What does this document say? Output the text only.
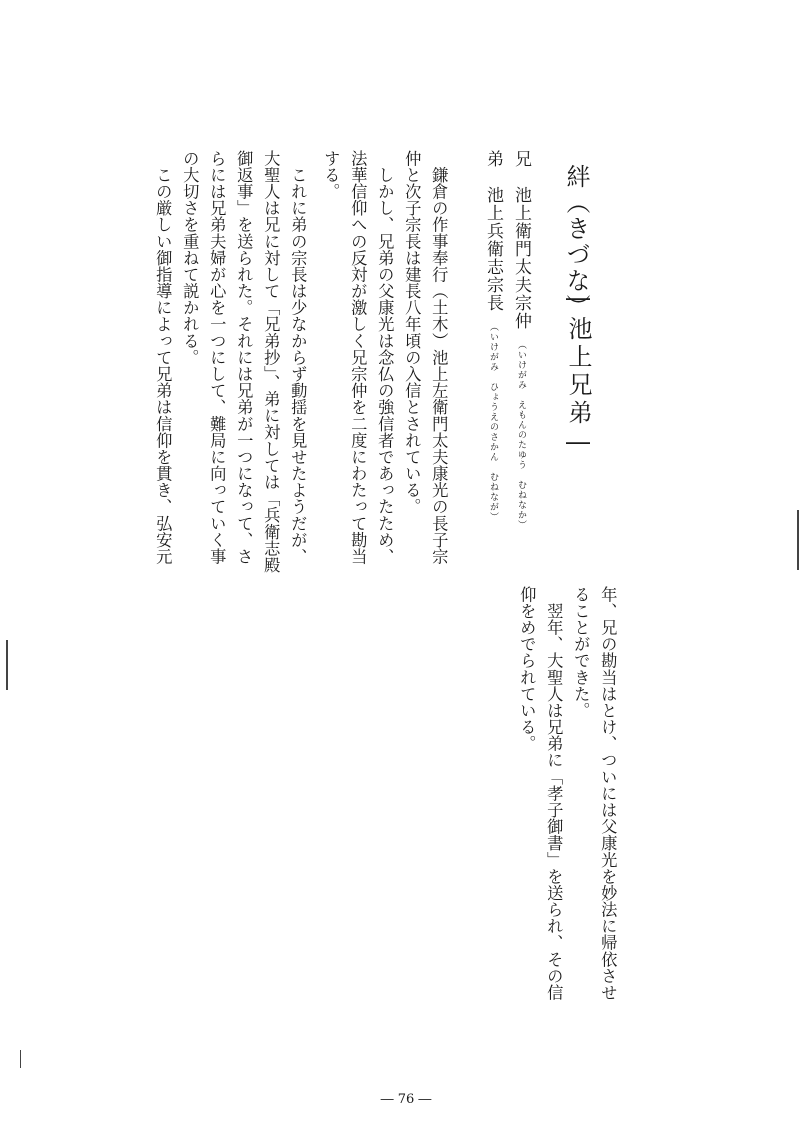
絆（きづな）
―池上兄弟―
兄　池上衛門太夫宗仲（いけがみ　えもんのたゆう　むねなか）
弟　池上兵衛志宗長（いけがみ　ひょうえのさかん　むねなが）

　鎌倉の作事奉行（土木）池上左衛門太夫康光の長子宗

仲と次子宗長は建長八年頃の入信とされている。

　しかし、兄弟の父康光は念仏の強信者であったため、

法華信仰への反対が激しく兄宗仲を二度にわたって勘当

する。

　これに弟の宗長は少なからず動揺を見せたようだが、

大聖人は兄に対して「兄弟抄」、弟に対しては「兵衛志殿

御返事」を送られた。それには兄弟が一つになって、さ

らには兄弟夫婦が心を一つにして、難局に向っていく事

の大切さを重ねて説かれる。

　この厳しい御指導によって兄弟は信仰を貫き、弘安元

年、兄の勘当はとけ、ついには父康光を妙法に帰依させ

ることができた。

　翌年、大聖人は兄弟に「孝子御書」を送られ、その信

仰をめでられている。

― 76 ―
